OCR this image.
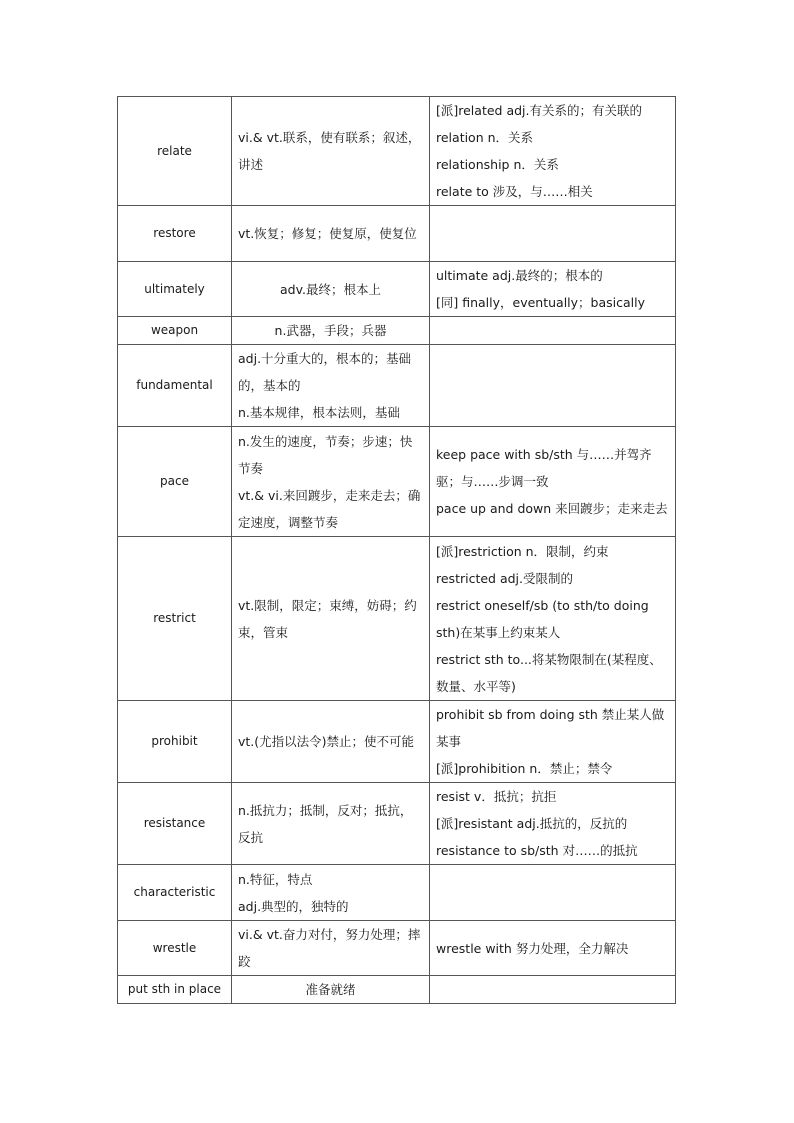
relate	vi.& vt.联系，使有联系；叙述，讲述	[派]related adj.有关系的；有关联的
relation n．关系
relationship n．关系
relate to 涉及，与……相关

restore	vt.恢复；修复；使复原，使复位	

ultimately	adv.最终；根本上	ultimate adj.最终的；根本的
[同] finally，eventually；basically

weapon	n.武器，手段；兵器	

fundamental	adj.十分重大的，根本的；基础的，基本的
n.基本规律，根本法则，基础	

pace	n.发生的速度，节奏；步速；快节奏
vt.& vi.来回踱步，走来走去；确定速度，调整节奏	keep pace with sb/sth 与……并驾齐驱；与……步调一致
pace up and down 来回踱步；走来走去

restrict	vt.限制，限定；束缚，妨碍；约束，管束	[派]restriction n．限制，约束
restricted adj.受限制的
restrict oneself/sb (to sth/to doing sth)在某事上约束某人
restrict sth to...将某物限制在(某程度、数量、水平等)

prohibit	vt.(尤指以法令)禁止；使不可能	prohibit sb from doing sth 禁止某人做某事
[派]prohibition n．禁止；禁令

resistance	n.抵抗力；抵制，反对；抵抗，反抗	resist v．抵抗；抗拒
[派]resistant adj.抵抗的，反抗的
resistance to sb/sth 对……的抵抗

characteristic	n.特征，特点
adj.典型的，独特的	

wrestle	vi.& vt.奋力对付，努力处理；摔跤	wrestle with 努力处理，全力解决

put sth in place	准备就绪	
